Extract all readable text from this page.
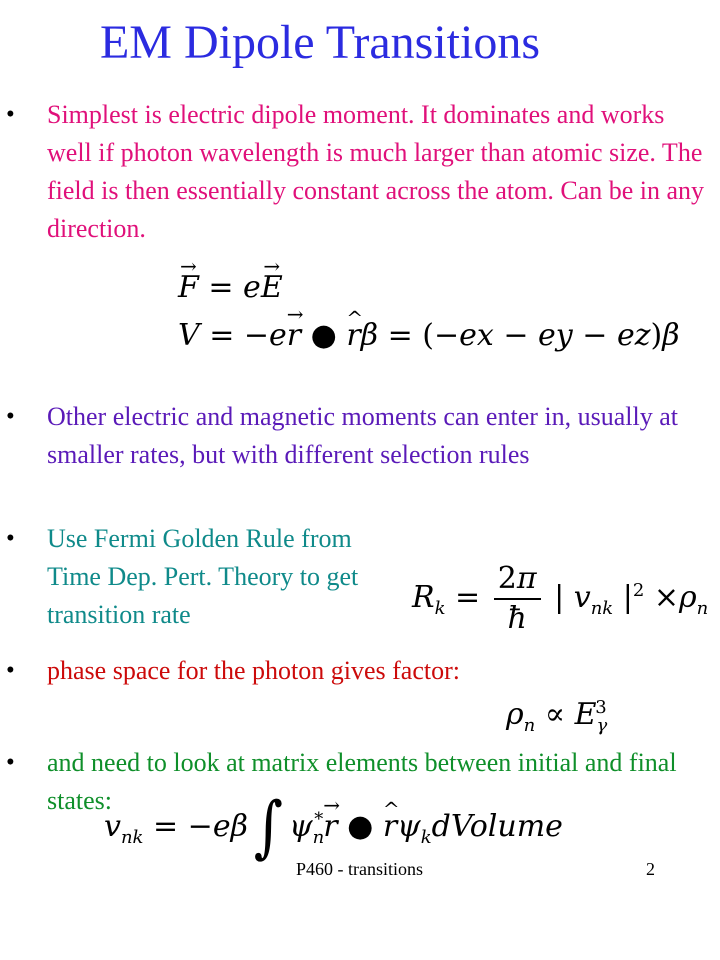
EM Dipole Transitions
• Simplest is electric dipole moment. It dominates and works well if photon wavelength is much larger than atomic size. The field is then essentially constant across the atom. Can be in any direction.
→ F = e→ E
V = −e→ r ● ^ rβ = (−ex − ey − ez)β
• Other electric and magnetic moments can enter in, usually at smaller rates, but with different selection rules
• Use Fermi Golden Rule from Time Dep. Pert. Theory to get transition rate	$R_k = \frac{2\pi}{ħ}$ | $v_{nk}$ $|^2 \times\rho_n$
• phase space for the photon gives factor:
$\rho_n \propto E_\gamma^3$
• and need to look at matrix elements between initial and final states:
$v_{nk} = -e\beta$ ∫ $\psi_n^*\to r$ ● ^ $r\psi_kdVolume$
P460 - transitions	2
